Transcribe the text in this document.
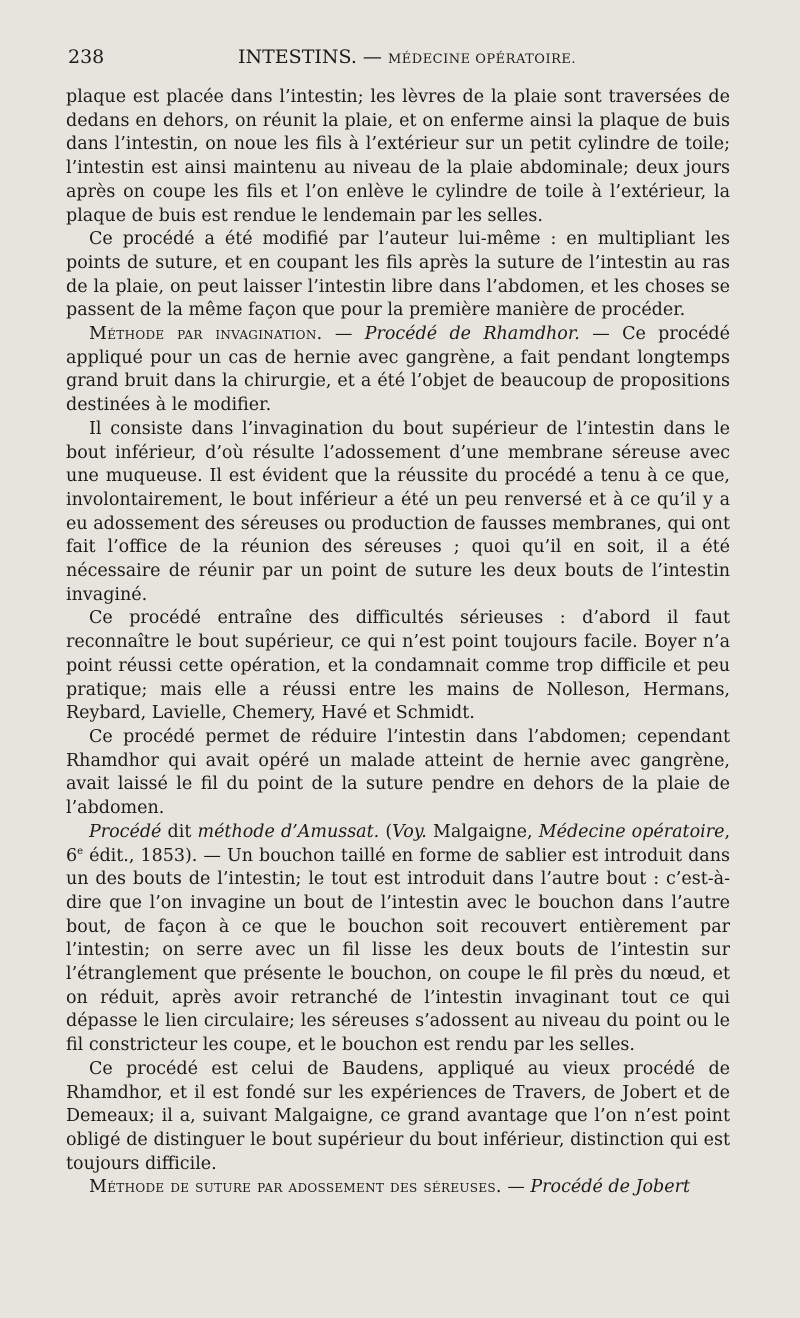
238	INTESTINS. — MÉDECINE OPÉRATOIRE.

plaque est placée dans l’intestin; les lèvres de la plaie sont traversées de dedans en dehors, on réunit la plaie, et on enferme ainsi la plaque de buis dans l’intestin, on noue les fils à l’extérieur sur un petit cylindre de toile; l’intestin est ainsi maintenu au niveau de la plaie abdominale; deux jours après on coupe les fils et l’on enlève le cylindre de toile à l’extérieur, la plaque de buis est rendue le lendemain par les selles.

Ce procédé a été modifié par l’auteur lui-même : en multipliant les points de suture, et en coupant les fils après la suture de l’intestin au ras de la plaie, on peut laisser l’intestin libre dans l’abdomen, et les choses se passent de la même façon que pour la première manière de procéder.

Méthode par invagination. — Procédé de Rhamdhor. — Ce procédé appliqué pour un cas de hernie avec gangrène, a fait pendant longtemps grand bruit dans la chirurgie, et a été l’objet de beaucoup de propositions destinées à le modifier.

Il consiste dans l’invagination du bout supérieur de l’intestin dans le bout inférieur, d’où résulte l’adossement d’une membrane séreuse avec une muqueuse. Il est évident que la réussite du procédé a tenu à ce que, involontairement, le bout inférieur a été un peu renversé et à ce qu’il y a eu adossement des séreuses ou production de fausses membranes, qui ont fait l’office de la réunion des séreuses ; quoi qu’il en soit, il a été nécessaire de réunir par un point de suture les deux bouts de l’intestin invaginé.

Ce procédé entraîne des difficultés sérieuses : d’abord il faut reconnaître le bout supérieur, ce qui n’est point toujours facile. Boyer n’a point réussi cette opération, et la condamnait comme trop difficile et peu pratique; mais elle a réussi entre les mains de Nolleson, Hermans, Reybard, Lavielle, Chemery, Havé et Schmidt.

Ce procédé permet de réduire l’intestin dans l’abdomen; cependant Rhamdhor qui avait opéré un malade atteint de hernie avec gangrène, avait laissé le fil du point de la suture pendre en dehors de la plaie de l’abdomen.

Procédé dit méthode d’Amussat. (Voy. Malgaigne, Médecine opératoire, 6e édit., 1853). — Un bouchon taillé en forme de sablier est introduit dans un des bouts de l’intestin; le tout est introduit dans l’autre bout : c’est-à-dire que l’on invagine un bout de l’intestin avec le bouchon dans l’autre bout, de façon à ce que le bouchon soit recouvert entièrement par l’intestin; on serre avec un fil lisse les deux bouts de l’intestin sur l’étranglement que présente le bouchon, on coupe le fil près du nœud, et on réduit, après avoir retranché de l’intestin invaginant tout ce qui dépasse le lien circulaire; les séreuses s’adossent au niveau du point ou le fil constricteur les coupe, et le bouchon est rendu par les selles.

Ce procédé est celui de Baudens, appliqué au vieux procédé de Rhamdhor, et il est fondé sur les expériences de Travers, de Jobert et de Demeaux; il a, suivant Malgaigne, ce grand avantage que l’on n’est point obligé de distinguer le bout supérieur du bout inférieur, distinction qui est toujours difficile.

Méthode de suture par adossement des séreuses. — Procédé de Jobert
